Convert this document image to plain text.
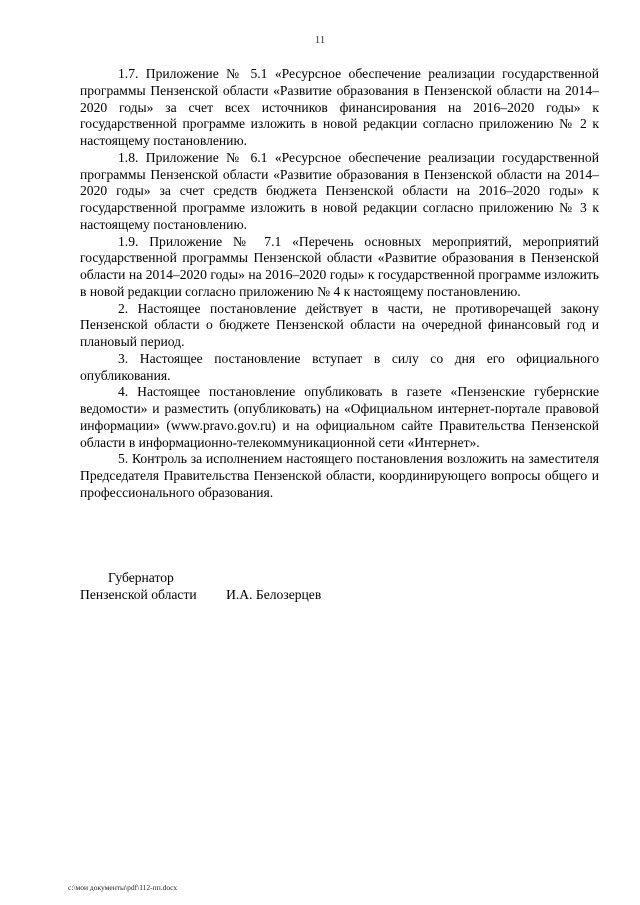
11

1.7. Приложение № 5.1 «Ресурсное обеспечение реализации государственной программы Пензенской области «Развитие образования в Пензенской области на 2014–2020 годы» за счет всех источников финансирования на 2016–2020 годы» к государственной программе изложить в новой редакции согласно приложению № 2 к настоящему постановлению.

1.8. Приложение № 6.1 «Ресурсное обеспечение реализации государственной программы Пензенской области «Развитие образования в Пензенской области на 2014–2020 годы» за счет средств бюджета Пензенской области на 2016–2020 годы» к государственной программе изложить в новой редакции согласно приложению № 3 к настоящему постановлению.

1.9. Приложение № 7.1 «Перечень основных мероприятий, мероприятий государственной программы Пензенской области «Развитие образования в Пензенской области на 2014–2020 годы» на 2016–2020 годы» к государственной программе изложить в новой редакции согласно приложению № 4 к настоящему постановлению.

2. Настоящее постановление действует в части, не противоречащей закону Пензенской области о бюджете Пензенской области на очередной финансовый год и плановый период.

3. Настоящее постановление вступает в силу со дня его официального опубликования.

4. Настоящее постановление опубликовать в газете «Пензенские губернские ведомости» и разместить (опубликовать) на «Официальном интернет-портале правовой информации» (www.pravo.gov.ru) и на официальном сайте Правительства Пензенской области в информационно-телекоммуникационной сети «Интернет».

5. Контроль за исполнением настоящего постановления возложить на заместителя Председателя Правительства Пензенской области, координирующего вопросы общего и профессионального образования.

Губернатор
Пензенской области И.А. Белозерцев
c:\мои документы\pdf\112-пп.docx
